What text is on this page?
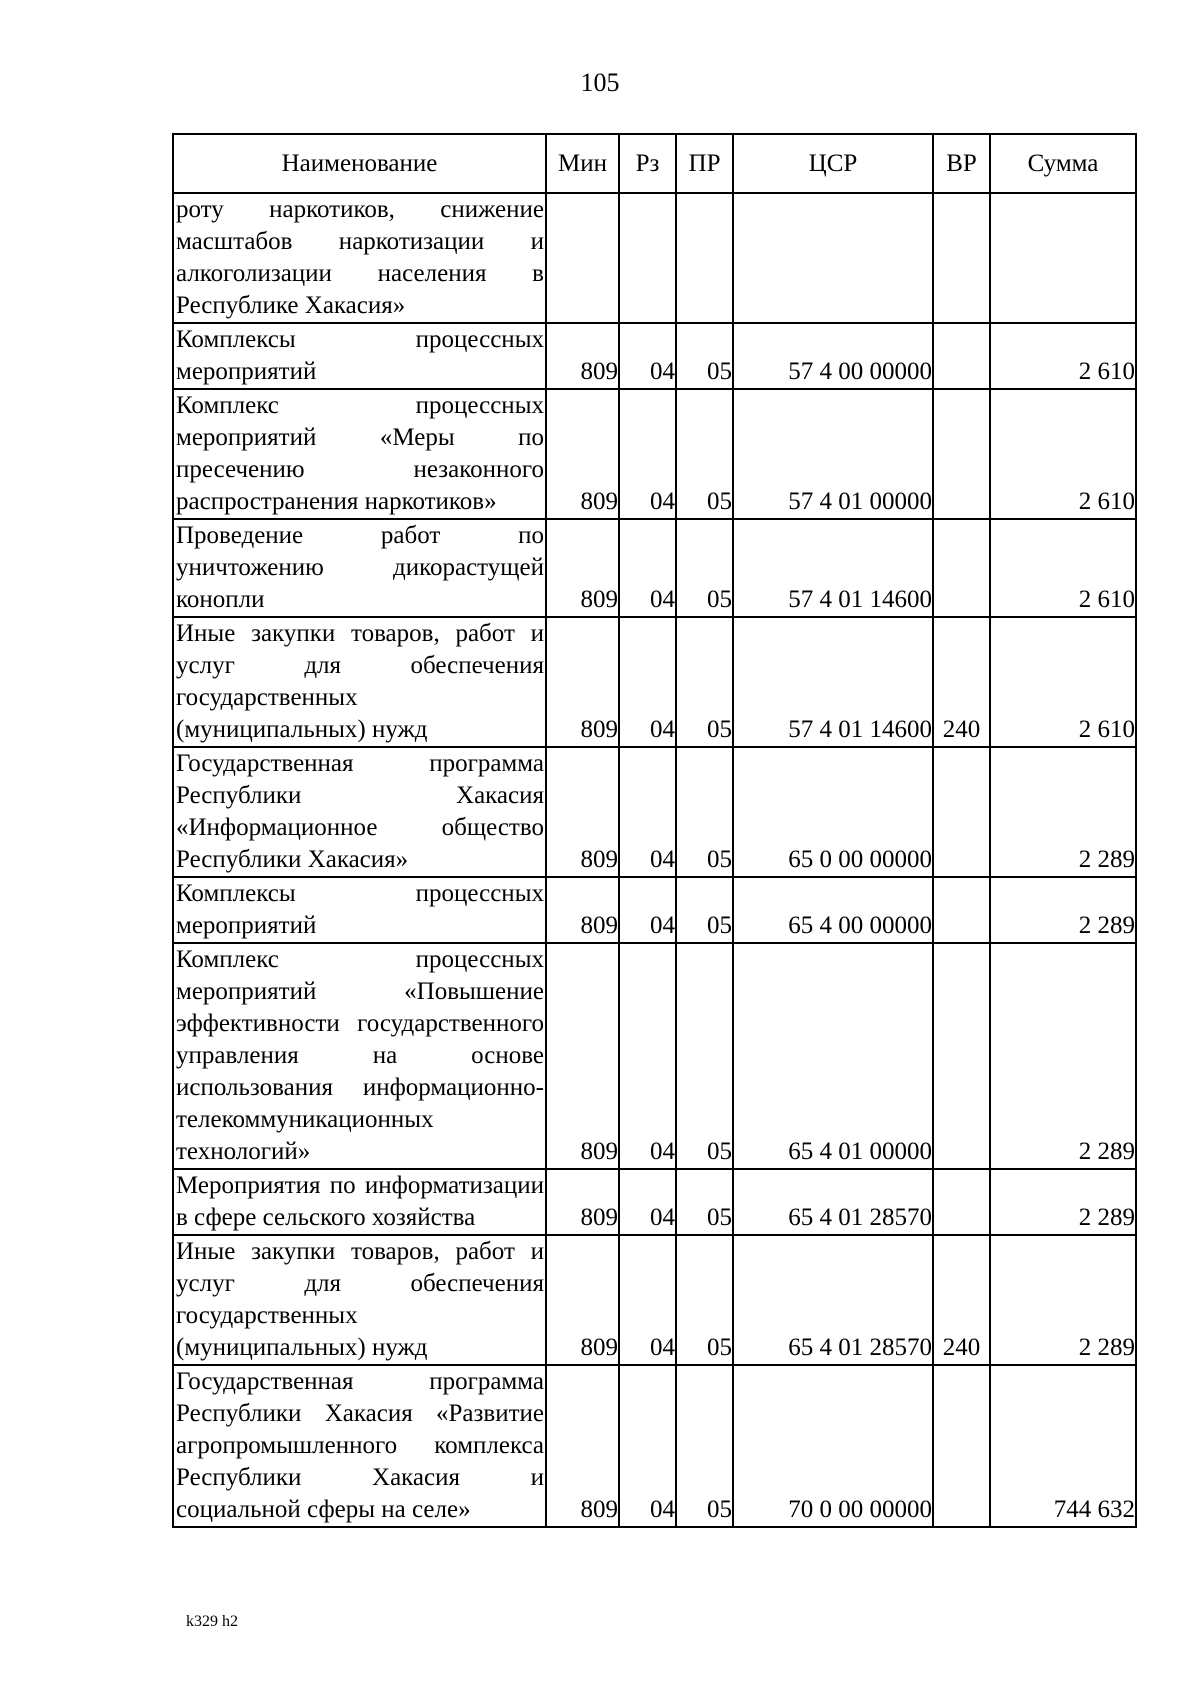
105
Наименование	Мин	Рз	ПР	ЦСР	ВР	Сумма
роту наркотиков, снижение масштабов наркотизации и алкоголизации населения в Республике Хакасия»						
Комплексы процессных мероприятий	809	04	05	57 4 00 00000		2 610
Комплекс процессных мероприятий «Меры по пресечению незаконного распространения наркотиков»	809	04	05	57 4 01 00000		2 610
Проведение работ по уничтожению дикорастущей конопли	809	04	05	57 4 01 14600		2 610
Иные закупки товаров, работ и услуг для обеспечения государственных (муниципальных) нужд	809	04	05	57 4 01 14600	240	2 610
Государственная программа Республики Хакасия «Информационное общество Республики Хакасия»	809	04	05	65 0 00 00000		2 289
Комплексы процессных мероприятий	809	04	05	65 4 00 00000		2 289
Комплекс процессных мероприятий «Повышение эффективности государственного управления на основе использования информационно-телекоммуникационных технологий»	809	04	05	65 4 01 00000		2 289
Мероприятия по информатизации в сфере сельского хозяйства	809	04	05	65 4 01 28570		2 289
Иные закупки товаров, работ и услуг для обеспечения государственных (муниципальных) нужд	809	04	05	65 4 01 28570	240	2 289
Государственная программа Республики Хакасия «Развитие агропромышленного комплекса Республики Хакасия и социальной сферы на селе»	809	04	05	70 0 00 00000		744 632
k329 h2
